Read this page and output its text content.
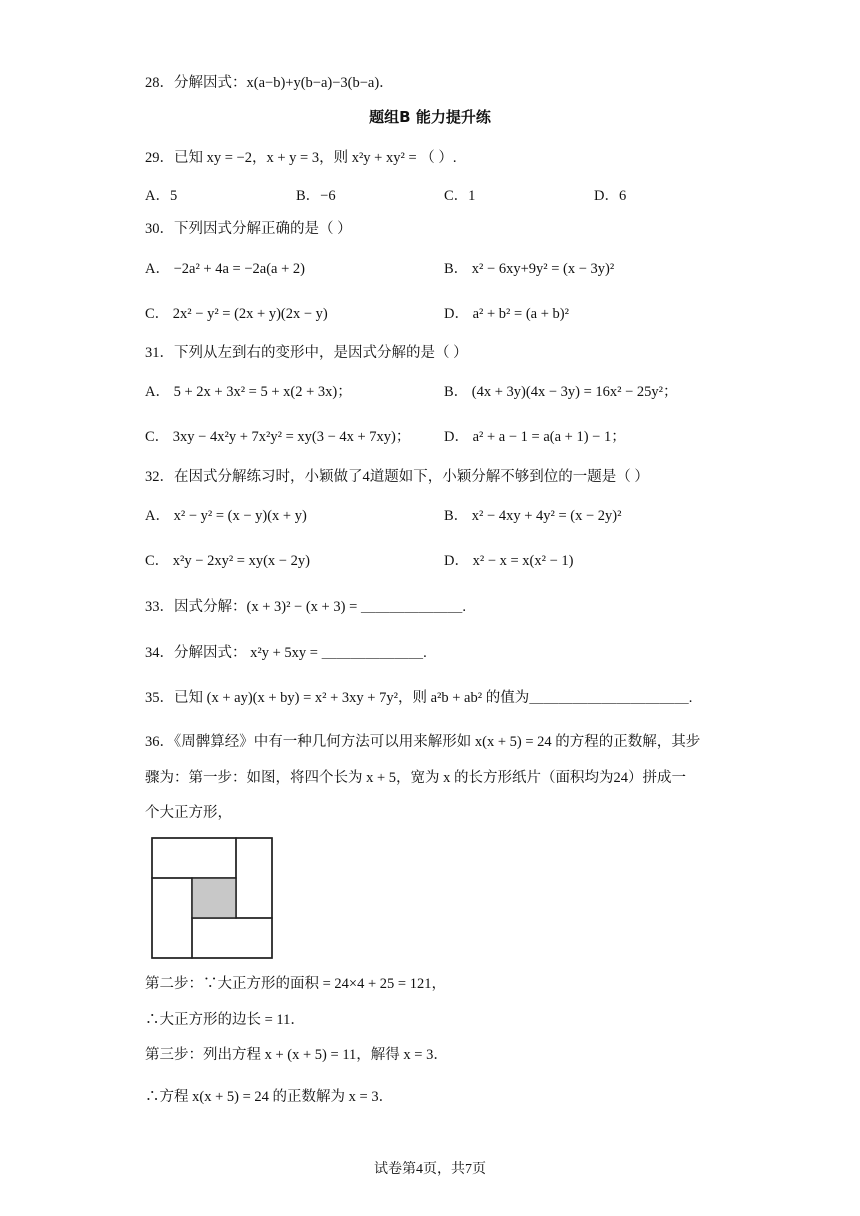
28．分解因式：x(a−b)+y(b−a)−3(b−a)．
题组B 能力提升练
29．已知 xy = −2，x + y = 3，则 x²y + xy² = （ ）.
A．5	B．−6	C．1	D．6
30．下列因式分解正确的是（ ）
A． −2a² + 4a = −2a(a + 2)	B． x² − 6xy+9y² = (x − 3y)²
C． 2x² − y² = (2x + y)(2x − y)	D． a² + b² = (a + b)²
31．下列从左到右的变形中，是因式分解的是（ ）
A． 5 + 2x + 3x² = 5 + x(2 + 3x)；	B． (4x + 3y)(4x − 3y) = 16x² − 25y²；
C． 3xy − 4x²y + 7x²y² = xy(3 − 4x + 7xy)； D． a² + a − 1 = a(a + 1) − 1；
32．在因式分解练习时，小颖做了4道题如下，小颖分解不够到位的一题是（ ）
A． x² − y² = (x − y)(x + y)	B． x² − 4xy + 4y² = (x − 2y)²
C． x²y − 2xy² = xy(x − 2y)	D． x² − x = x(x² − 1)
33．因式分解：(x + 3)² − (x + 3) = ＿＿＿＿＿＿＿.
34．分解因式： x²y + 5xy = ＿＿＿＿＿＿＿.
35．已知 (x + ay)(x + by) = x² + 3xy + 7y²，则 a²b + ab² 的值为＿＿＿＿＿＿＿＿＿＿＿.
36．《周髀算经》中有一种几何方法可以用来解形如 x(x + 5) = 24 的方程的正数解，其步
骤为：第一步：如图，将四个长为 x + 5，宽为 x 的长方形纸片（面积均为24）拼成一
个大正方形，
第二步：∵大正方形的面积 = 24×4 + 25 = 121，
∴大正方形的边长 = 11．
第三步：列出方程 x + (x + 5) = 11，解得 x = 3．
∴方程 x(x + 5) = 24 的正数解为 x = 3．
试卷第4页，共7页
